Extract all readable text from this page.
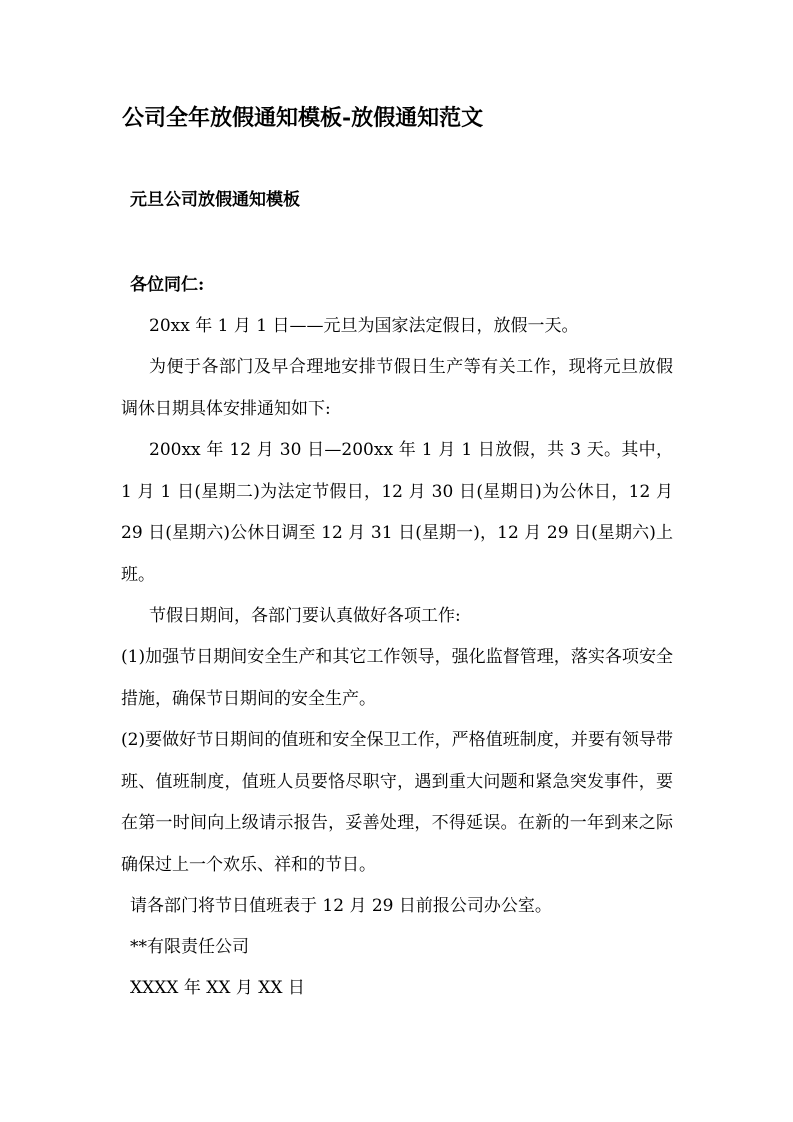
公司全年放假通知模板-放假通知范文
元旦公司放假通知模板
各位同仁:
20xx 年 1 月 1 日——元旦为国家法定假日，放假一天。
为便于各部门及早合理地安排节假日生产等有关工作，现将元旦放假调休日期具体安排通知如下:
200xx 年 12 月 30 日—200xx 年 1 月 1 日放假，共 3 天。其中，1 月 1 日(星期二)为法定节假日，12 月 30 日(星期日)为公休日，12 月 29 日(星期六)公休日调至 12 月 31 日(星期一)，12 月 29 日(星期六)上班。
节假日期间，各部门要认真做好各项工作:
(1)加强节日期间安全生产和其它工作领导，强化监督管理，落实各项安全措施，确保节日期间的安全生产。
(2)要做好节日期间的值班和安全保卫工作，严格值班制度，并要有领导带班、值班制度，值班人员要恪尽职守，遇到重大问题和紧急突发事件，要在第一时间向上级请示报告，妥善处理，不得延误。在新的一年到来之际确保过上一个欢乐、祥和的节日。
请各部门将节日值班表于 12 月 29 日前报公司办公室。
**有限责任公司
XXXX 年 XX 月 XX 日
